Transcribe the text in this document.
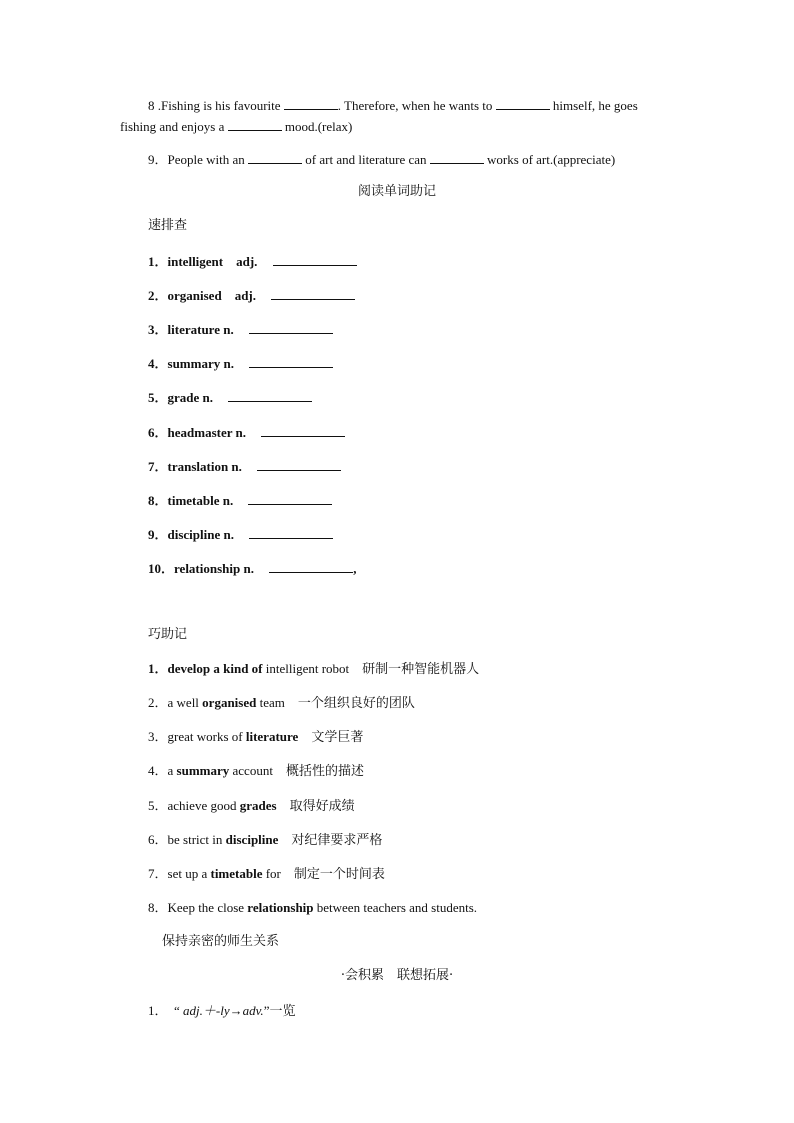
8 .Fishing is his favourite	. Therefore, when he wants to	himself, he goes
fishing and enjoys a	mood.(relax)
9．People with an	of art and literature can	works of art.(appreciate)
阅读单词助记
速排查
1．intelligent adj.
2．organised adj.
3．literature n.
4．summary n.
5．grade n.
6．headmaster n.
7．translation n.
8．timetable n.
9．discipline n.
10．relationship n.	,
巧助记
1．develop a kind of intelligent robot 研制一种智能机器人
2．a well organised team 一个组织良好的团队
3．great works of literature 文学巨著
4．a summary account 概括性的描述
5．achieve good grades 取得好成绩
6．be strict in discipline 对纪律要求严格
7．set up a timetable for 制定一个时间表
8．Keep the close relationship between teachers and students.
保持亲密的师生关系
·会积累　联想拓展·
1．  “ adj.＋-ly→adv.”一览
